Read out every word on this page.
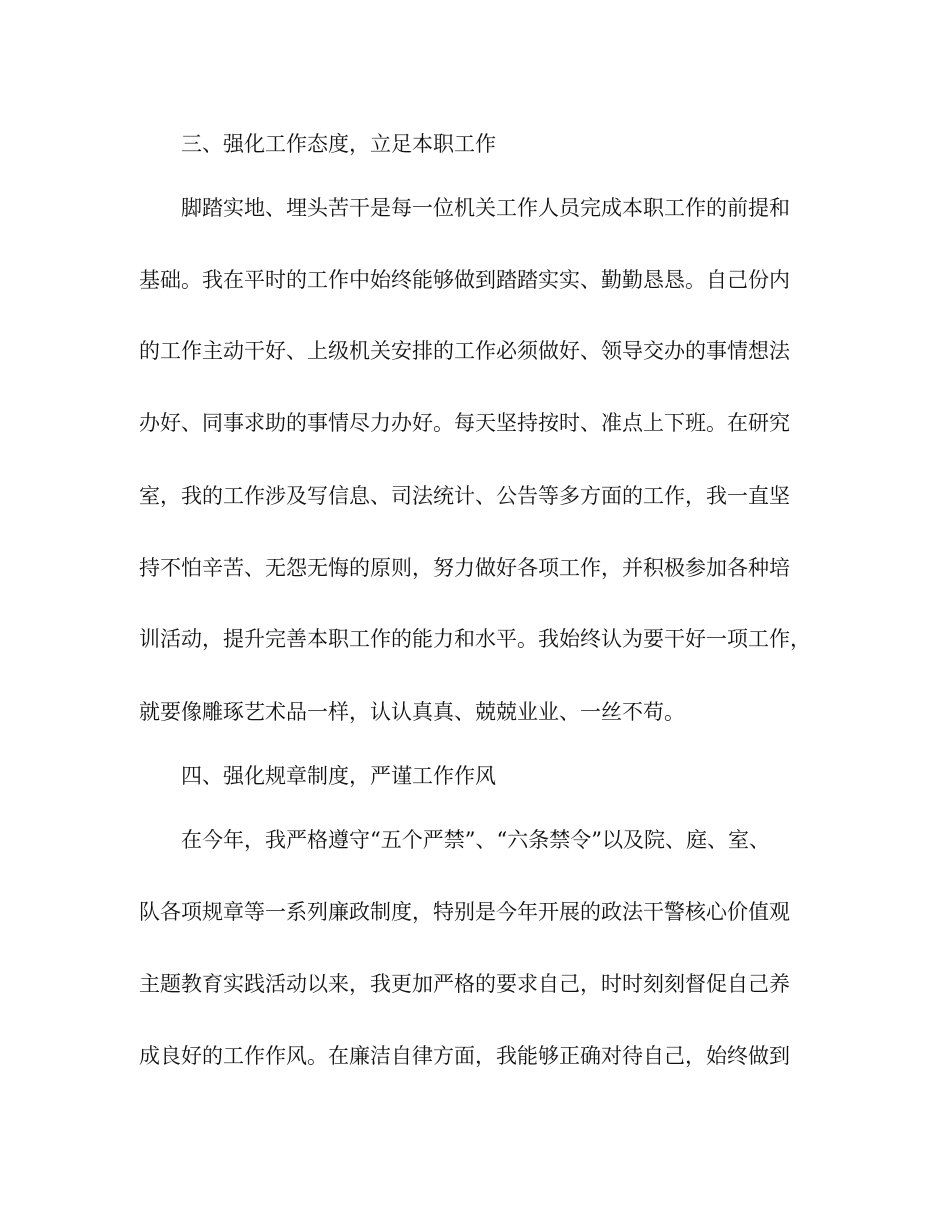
三、强化工作态度，立足本职工作
脚踏实地、埋头苦干是每一位机关工作人员完成本职工作的前提和
基础。我在平时的工作中始终能够做到踏踏实实、勤勤恳恳。自己份内
的工作主动干好、上级机关安排的工作必须做好、领导交办的事情想法
办好、同事求助的事情尽力办好。每天坚持按时、准点上下班。在研究
室，我的工作涉及写信息、司法统计、公告等多方面的工作，我一直坚
持不怕辛苦、无怨无悔的原则，努力做好各项工作，并积极参加各种培
训活动，提升完善本职工作的能力和水平。我始终认为要干好一项工作，
就要像雕琢艺术品一样，认认真真、兢兢业业、一丝不苟。
四、强化规章制度，严谨工作作风
在今年，我严格遵守“五个严禁”、“六条禁令”以及院、庭、室、
队各项规章等一系列廉政制度，特别是今年开展的政法干警核心价值观
主题教育实践活动以来，我更加严格的要求自己，时时刻刻督促自己养
成良好的工作作风。在廉洁自律方面，我能够正确对待自己，始终做到
